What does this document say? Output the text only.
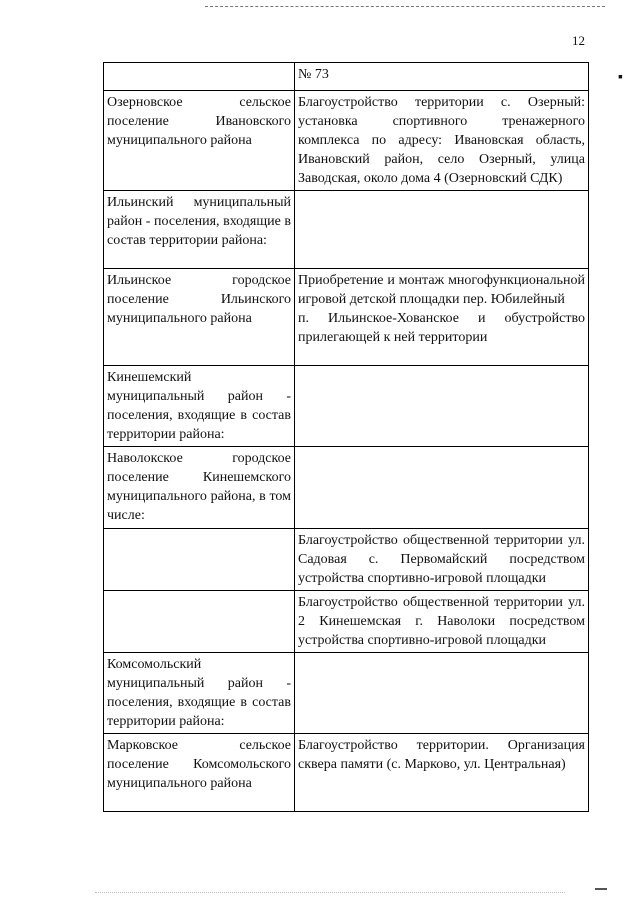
12
▪

	№ 73

Озерновское сельское поселение Ивановского муниципального района	Благоустройство территории с. Озерный: установка спортивного тренажерного комплекса по адресу: Ивановская область, Ивановский район, село Озерный, улица Заводская, около дома 4 (Озерновский СДК)

Ильинский муниципальный район - поселения, входящие в состав территории района:	

Ильинское городское поселение Ильинского муниципального района	Приобретение и монтаж многофункциональной игровой детской площадки пер. Юбилейный
п. Ильинское-Хованское и обустройство прилегающей к ней территории

Кинешемский муниципальный район - поселения, входящие в состав территории района:	

Наволокское городское поселение Кинешемского муниципального района, в том числе:	

	Благоустройство общественной территории ул. Садовая с. Первомайский посредством устройства спортивно-игровой площадки

	Благоустройство общественной территории ул. 2 Кинешемская г. Наволоки посредством устройства спортивно-игровой площадки

Комсомольский муниципальный район - поселения, входящие в состав территории района:	

Марковское сельское поселение Комсомольского муниципального района	Благоустройство территории. Организация сквера памяти (с. Марково, ул. Центральная)
